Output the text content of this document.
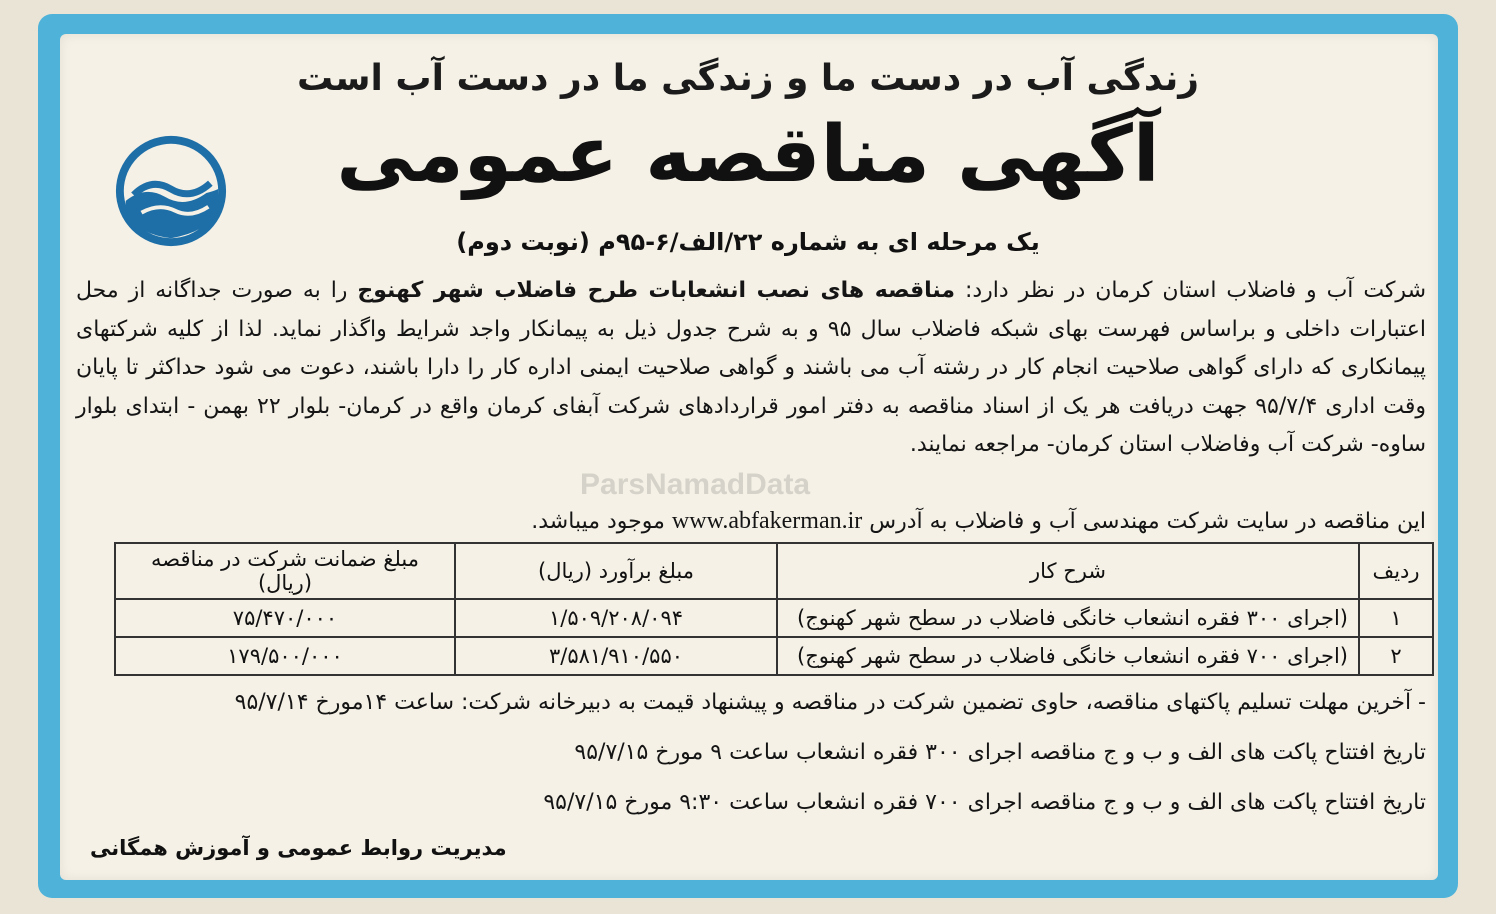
زندگی آب در دست ما و زندگی ما در دست آب است
آگهی مناقصه عمومی
یک مرحله ای به شماره ۲۲/الف/۶-۹۵م (نوبت دوم)
شرکت آب و فاضلاب استان کرمان در نظر دارد: مناقصه های نصب انشعابات طرح فاضلاب شهر کهنوج را به صورت جداگانه از محل اعتبارات داخلی و براساس فهرست بهای شبکه فاضلاب سال ۹۵ و به شرح جدول ذیل به پیمانکار واجد شرایط واگذار نماید. لذا از کلیه شرکتهای پیمانکاری که دارای گواهی صلاحیت انجام کار در رشته آب می باشند و گواهی صلاحیت ایمنی اداره کار را دارا باشند، دعوت می شود حداکثر تا پایان وقت اداری ۹۵/۷/۴ جهت دریافت هر یک از اسناد مناقصه به دفتر امور قراردادهای شرکت آبفای کرمان واقع در کرمان- بلوار ۲۲ بهمن - ابتدای بلوار ساوه- شرکت آب وفاضلاب استان کرمان- مراجعه نمایند.
ParsNamadData
این مناقصه در سایت شرکت مهندسی آب و فاضلاب به آدرس www.abfakerman.ir موجود میباشد.
ردیف	شرح کار	مبلغ برآورد (ریال)	مبلغ ضمانت شرکت در مناقصه (ریال)
۱	(اجرای ۳۰۰ فقره انشعاب خانگی فاضلاب در سطح شهر کهنوج)	۱/۵۰۹/۲۰۸/۰۹۴	۷۵/۴۷۰/۰۰۰
۲	(اجرای ۷۰۰ فقره انشعاب خانگی فاضلاب در سطح شهر کهنوج)	۳/۵۸۱/۹۱۰/۵۵۰	۱۷۹/۵۰۰/۰۰۰
- آخرین مهلت تسلیم پاکتهای مناقصه، حاوی تضمین شرکت در مناقصه و پیشنهاد قیمت به دبیرخانه شرکت: ساعت ۱۴مورخ ۹۵/۷/۱۴
تاریخ افتتاح پاکت های الف و ب و ج مناقصه اجرای ۳۰۰ فقره انشعاب ساعت ۹ مورخ ۹۵/۷/۱۵
تاریخ افتتاح پاکت های الف و ب و ج مناقصه اجرای ۷۰۰ فقره انشعاب ساعت ۹:۳۰ مورخ ۹۵/۷/۱۵
مدیریت روابط عمومی و آموزش همگانی
